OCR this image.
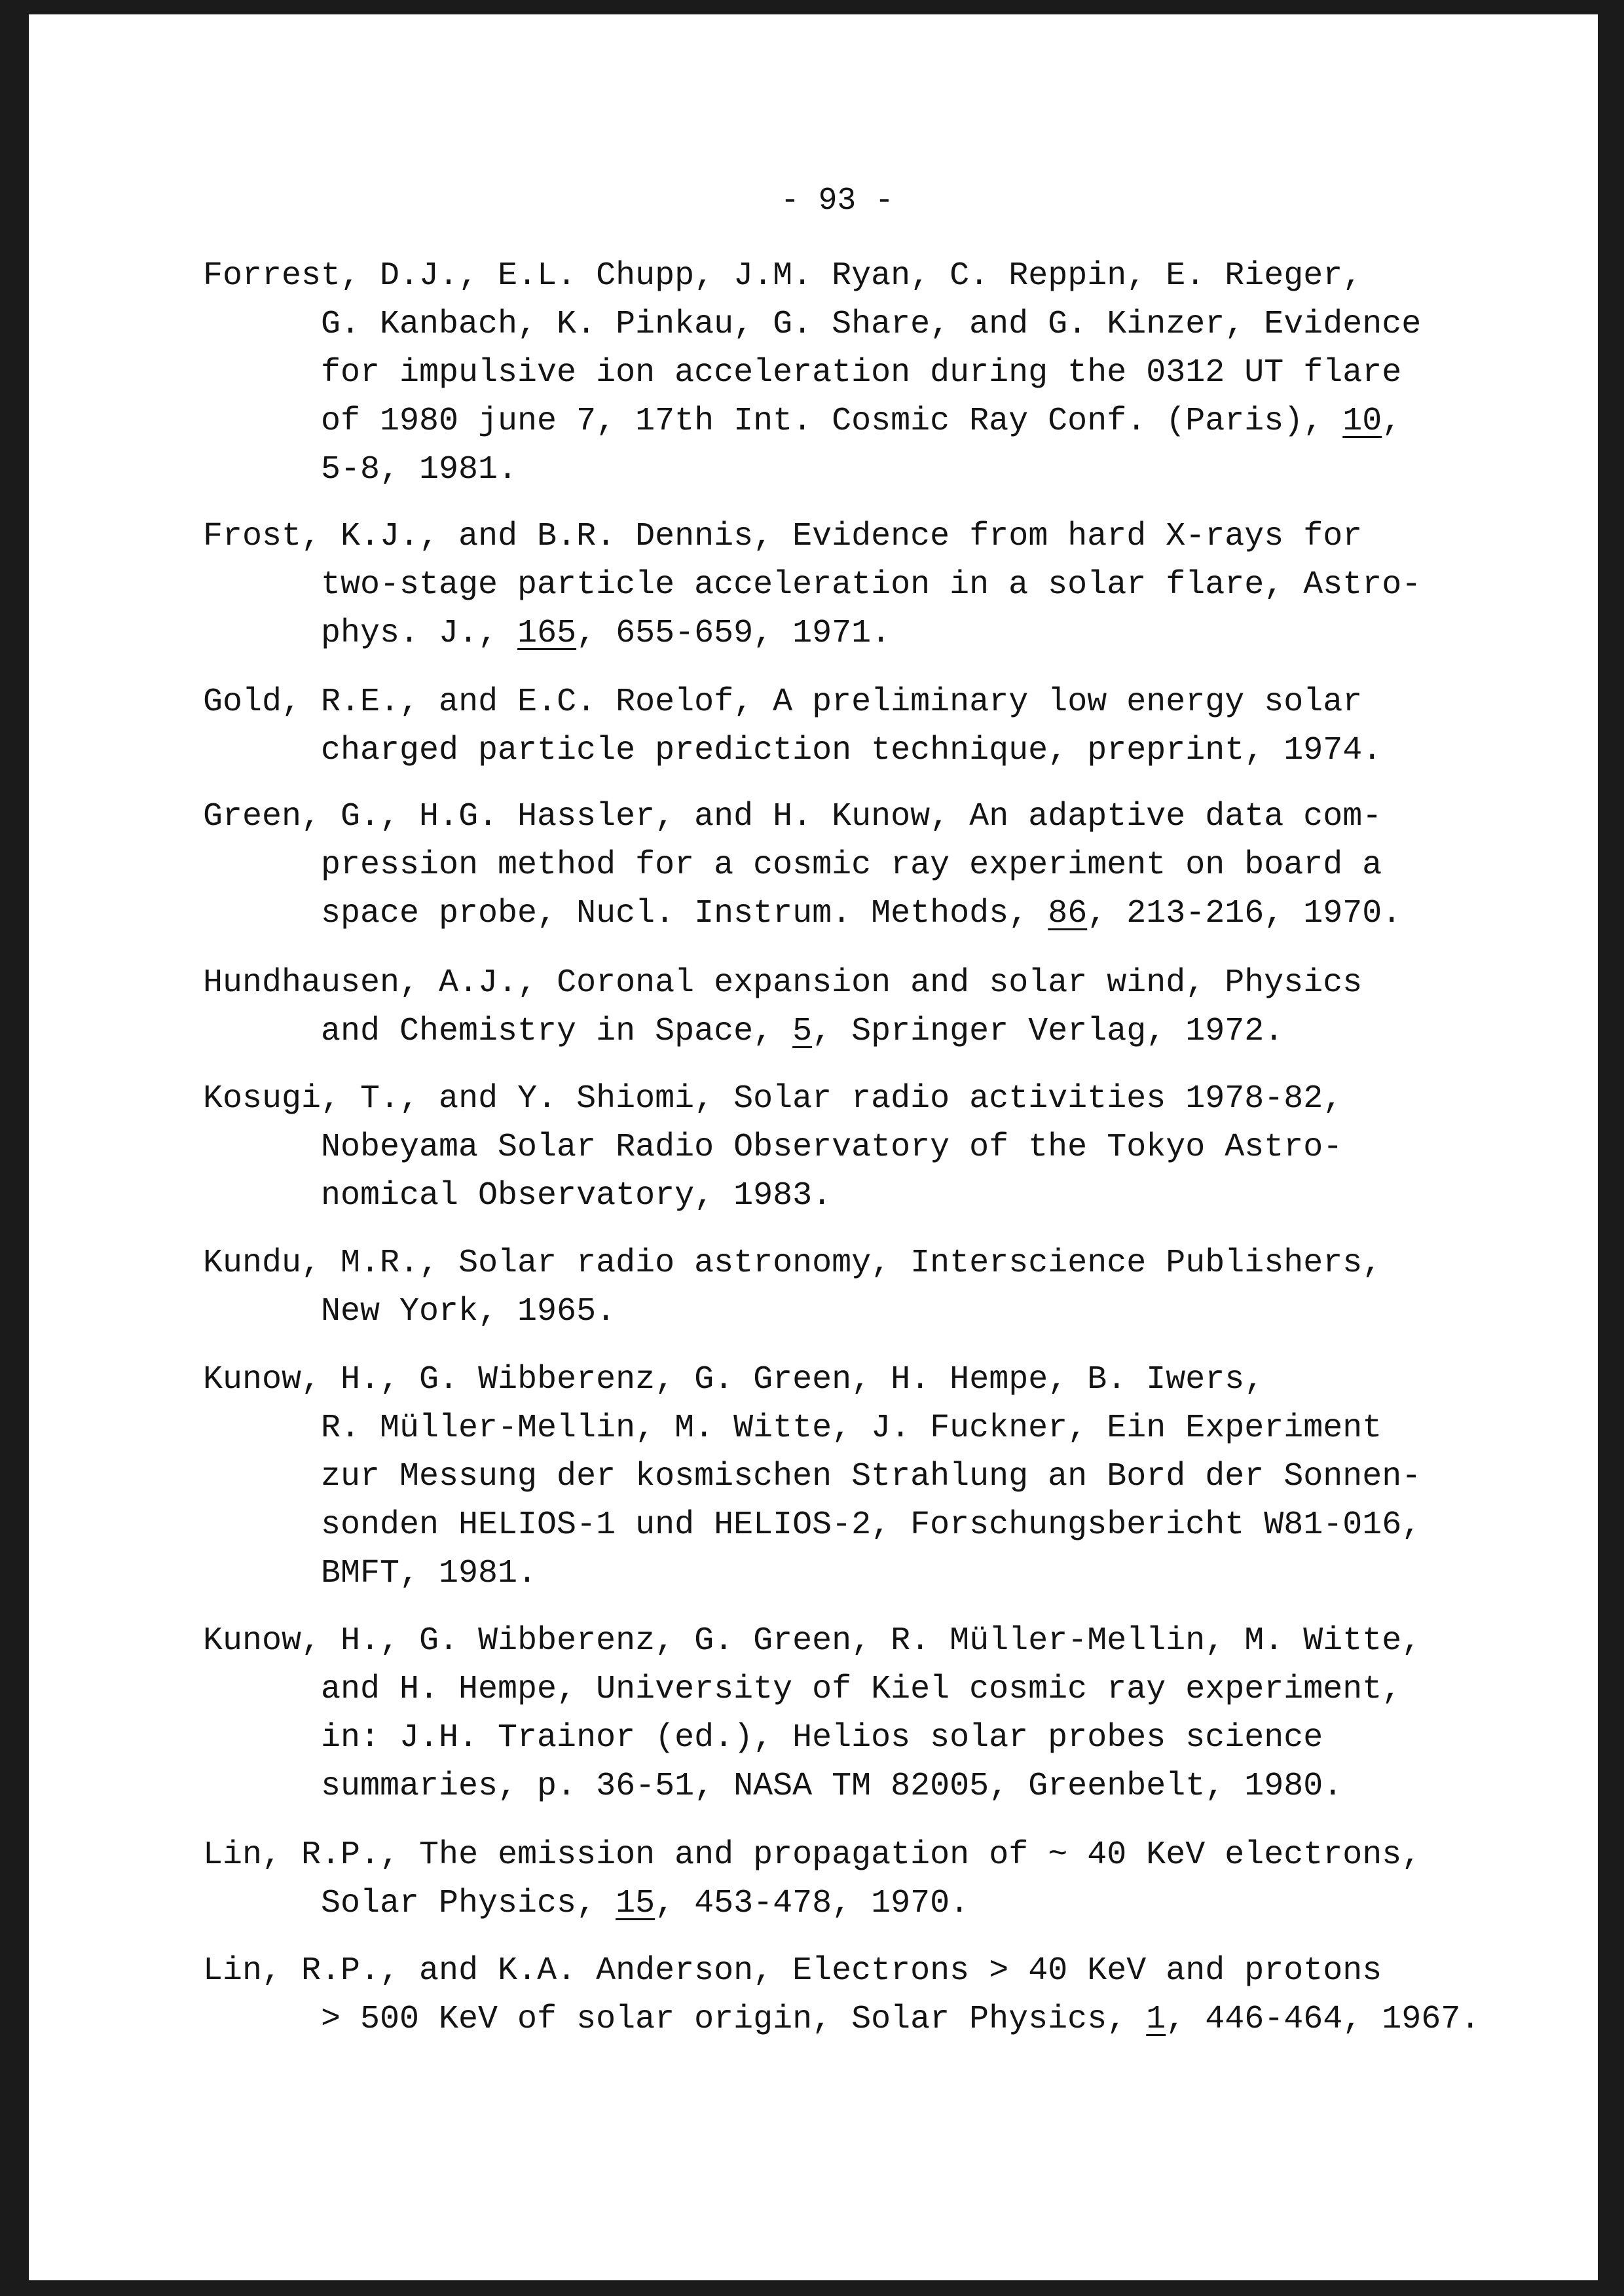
- 93 -
Forrest, D.J., E.L. Chupp, J.M. Ryan, C. Reppin, E. Rieger,
G. Kanbach, K. Pinkau, G. Share, and G. Kinzer, Evidence
for impulsive ion acceleration during the 0312 UT flare
of 1980 june 7, 17th Int. Cosmic Ray Conf. (Paris), 10,
5-8, 1981.
Frost, K.J., and B.R. Dennis, Evidence from hard X-rays for
two-stage particle acceleration in a solar flare, Astro-
phys. J., 165, 655-659, 1971.
Gold, R.E., and E.C. Roelof, A preliminary low energy solar
charged particle prediction technique, preprint, 1974.
Green, G., H.G. Hassler, and H. Kunow, An adaptive data com-
pression method for a cosmic ray experiment on board a
space probe, Nucl. Instrum. Methods, 86, 213-216, 1970.
Hundhausen, A.J., Coronal expansion and solar wind, Physics
and Chemistry in Space, 5, Springer Verlag, 1972.
Kosugi, T., and Y. Shiomi, Solar radio activities 1978-82,
Nobeyama Solar Radio Observatory of the Tokyo Astro-
nomical Observatory, 1983.
Kundu, M.R., Solar radio astronomy, Interscience Publishers,
New York, 1965.
Kunow, H., G. Wibberenz, G. Green, H. Hempe, B. Iwers,
R. Müller-Mellin, M. Witte, J. Fuckner, Ein Experiment
zur Messung der kosmischen Strahlung an Bord der Sonnen-
sonden HELIOS-1 und HELIOS-2, Forschungsbericht W81-016,
BMFT, 1981.
Kunow, H., G. Wibberenz, G. Green, R. Müller-Mellin, M. Witte,
and H. Hempe, University of Kiel cosmic ray experiment,
in: J.H. Trainor (ed.), Helios solar probes science
summaries, p. 36-51, NASA TM 82005, Greenbelt, 1980.
Lin, R.P., The emission and propagation of ~ 40 KeV electrons,
Solar Physics, 15, 453-478, 1970.
Lin, R.P., and K.A. Anderson, Electrons > 40 KeV and protons
> 500 KeV of solar origin, Solar Physics, 1, 446-464, 1967.
